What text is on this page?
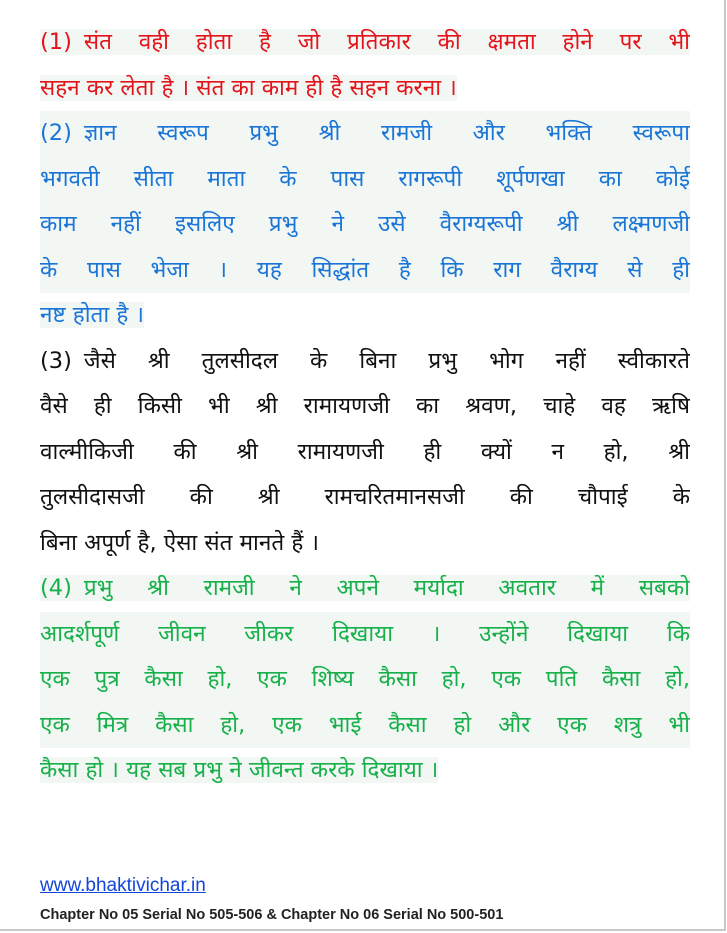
(1) संत वही होता है जो प्रतिकार की क्षमता होने पर भी
सहन कर लेता है । संत का काम ही है सहन करना ।
(2) ज्ञान स्वरूप प्रभु श्री रामजी और भक्ति स्वरूपा
भगवती सीता माता के पास रागरूपी शूर्पणखा का कोई
काम नहीं इसलिए प्रभु ने उसे वैराग्यरूपी श्री लक्ष्मणजी
के पास भेजा । यह सिद्धांत है कि राग वैराग्य से ही
नष्ट होता है ।
(3) जैसे श्री तुलसीदल के बिना प्रभु भोग नहीं स्वीकारते
वैसे ही किसी भी श्री रामायणजी का श्रवण, चाहे वह ऋषि
वाल्मीकिजी की श्री रामायणजी ही क्यों न हो, श्री
तुलसीदासजी की श्री रामचरितमानसजी की चौपाई के
बिना अपूर्ण है, ऐसा संत मानते हैं ।
(4) प्रभु श्री रामजी ने अपने मर्यादा अवतार में सबको
आदर्शपूर्ण जीवन जीकर दिखाया । उन्होंने दिखाया कि
एक पुत्र कैसा हो, एक शिष्य कैसा हो, एक पति कैसा हो,
एक मित्र कैसा हो, एक भाई कैसा हो और एक शत्रु भी
कैसा हो । यह सब प्रभु ने जीवन्त करके दिखाया ।
www.bhaktivichar.in
Chapter No 05 Serial No 505-506 & Chapter No 06 Serial No 500-501
